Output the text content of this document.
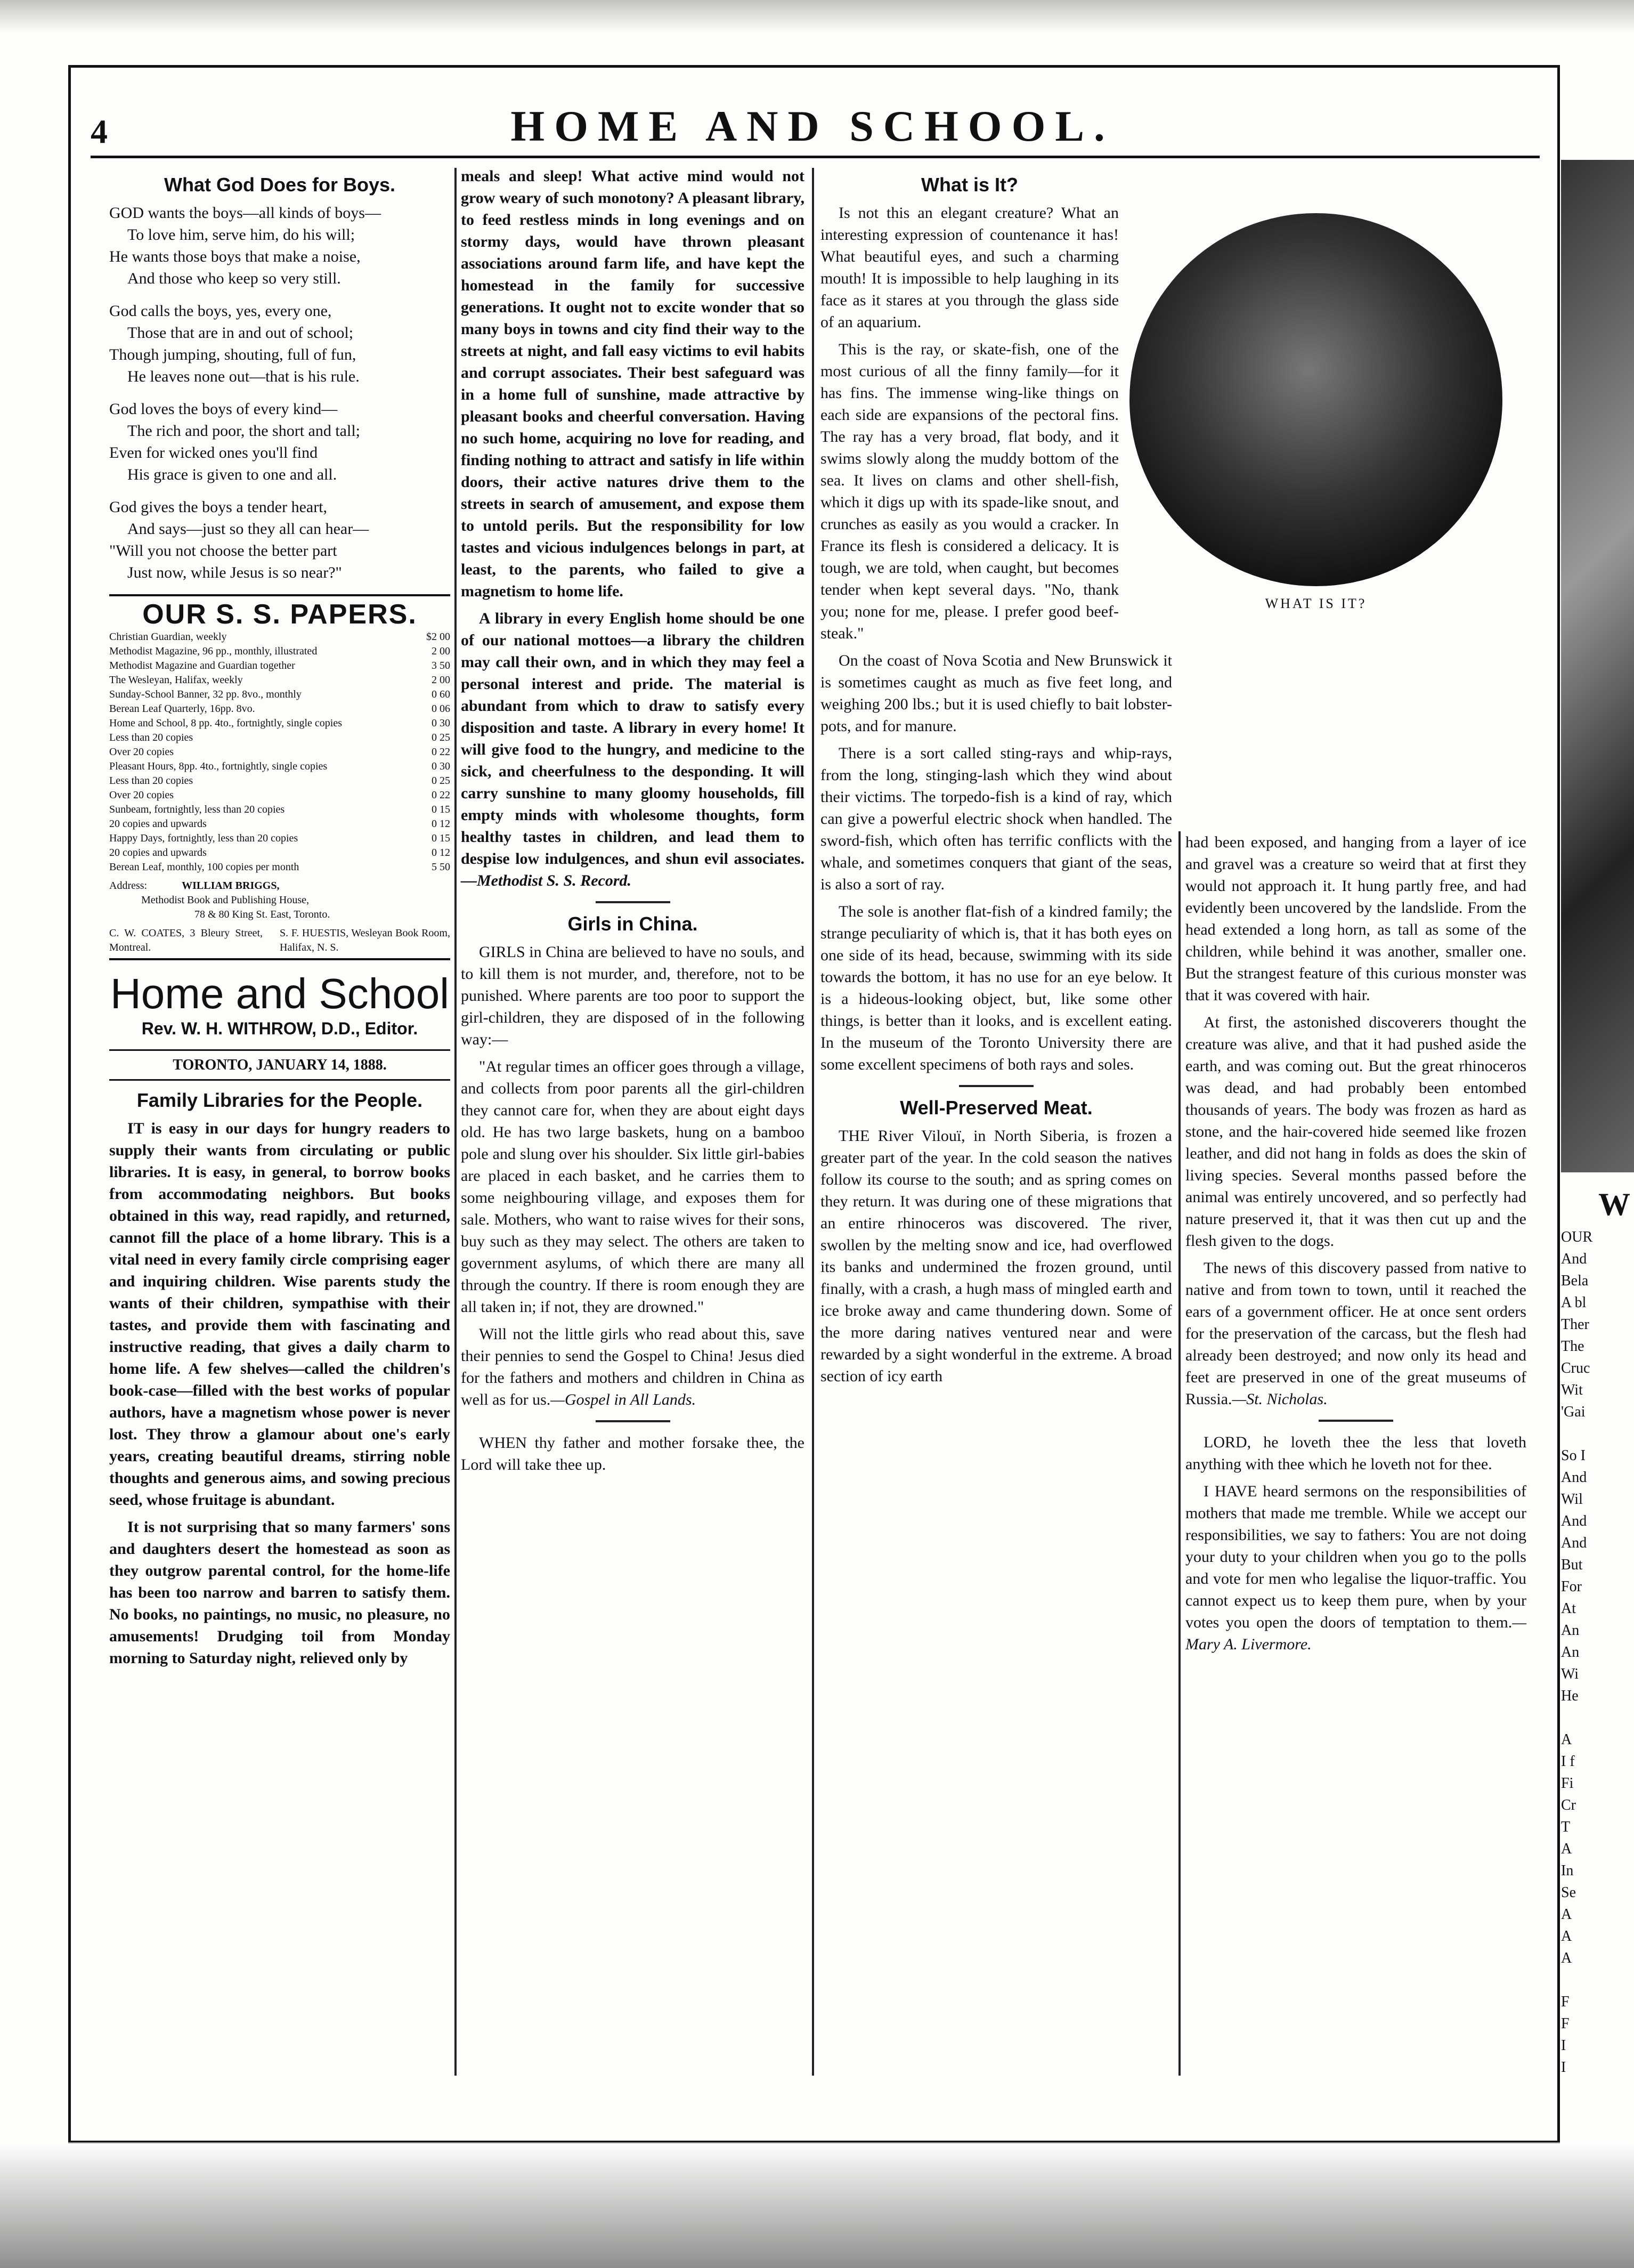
4	HOME AND SCHOOL.
What God Does for Boys.

GOD wants the boys—all kinds of boys—
To love him, serve him, do his will;
He wants those boys that make a noise,
And those who keep so very still.

God calls the boys, yes, every one,
Those that are in and out of school;
Though jumping, shouting, full of fun,
He leaves none out—that is his rule.

God loves the boys of every kind—
The rich and poor, the short and tall;
Even for wicked ones you'll find
His grace is given to one and all.

God gives the boys a tender heart,
And says—just so they all can hear—
"Will you not choose the better part
Just now, while Jesus is so near?"

OUR S. S. PAPERS.
Christian Guardian, weekly	$2 00
Methodist Magazine, 96 pp., monthly, illustrated	2 00
Methodist Magazine and Guardian together	3 50
The Wesleyan, Halifax, weekly	2 00
Sunday-School Banner, 32 pp. 8vo., monthly	0 60
Berean Leaf Quarterly, 16pp. 8vo.	0 06
Home and School, 8 pp. 4to., fortnightly, single copies	0 30
Less than 20 copies	0 25
Over 20 copies	0 22
Pleasant Hours, 8pp. 4to., fortnightly, single copies	0 30
Less than 20 copies	0 25
Over 20 copies	0 22
Sunbeam, fortnightly, less than 20 copies	0 15
20 copies and upwards	0 12
Happy Days, fortnightly, less than 20 copies	0 15
20 copies and upwards	0 12
Berean Leaf, monthly, 100 copies per month	5 50
Address:	WILLIAM BRIGGS,
Methodist Book and Publishing House,
78 & 80 King St. East, Toronto.
C. W. COATES, 3 Bleury Street, Montreal.
S. F. HUESTIS, Wesleyan Book Room, Halifax, N. S.
Home and School
Rev. W. H. WITHROW, D.D., Editor.
TORONTO, JANUARY 14, 1888.
Family Libraries for the People.

IT is easy in our days for hungry readers to supply their wants from circulating or public libraries. It is easy, in general, to borrow books from accommodating neighbors. But books obtained in this way, read rapidly, and returned, cannot fill the place of a home library. This is a vital need in every family circle comprising eager and inquiring children. Wise parents study the wants of their children, sympathise with their tastes, and provide them with fascinating and instructive reading, that gives a daily charm to home life. A few shelves—called the children's book-case—filled with the best works of popular authors, have a magnetism whose power is never lost. They throw a glamour about one's early years, creating beautiful dreams, stirring noble thoughts and generous aims, and sowing precious seed, whose fruitage is abundant.

It is not surprising that so many farmers' sons and daughters desert the homestead as soon as they outgrow parental control, for the home-life has been too narrow and barren to satisfy them. No books, no paintings, no music, no pleasure, no amusements! Drudging toil from Monday morning to Saturday night, relieved only by

meals and sleep! What active mind would not grow weary of such monotony? A pleasant library, to feed restless minds in long evenings and on stormy days, would have thrown pleasant associations around farm life, and have kept the homestead in the family for successive generations. It ought not to excite wonder that so many boys in towns and city find their way to the streets at night, and fall easy victims to evil habits and corrupt associates. Their best safeguard was in a home full of sunshine, made attractive by pleasant books and cheerful conversation. Having no such home, acquiring no love for reading, and finding nothing to attract and satisfy in life within doors, their active natures drive them to the streets in search of amusement, and expose them to untold perils. But the responsibility for low tastes and vicious indulgences belongs in part, at least, to the parents, who failed to give a magnetism to home life.

A library in every English home should be one of our national mottoes—a library the children may call their own, and in which they may feel a personal interest and pride. The material is abundant from which to draw to satisfy every disposition and taste. A library in every home! It will give food to the hungry, and medicine to the sick, and cheerfulness to the desponding. It will carry sunshine to many gloomy households, fill empty minds with wholesome thoughts, form healthy tastes in children, and lead them to despise low indulgences, and shun evil associates.—Methodist S. S. Record.

Girls in China.

GIRLS in China are believed to have no souls, and to kill them is not murder, and, therefore, not to be punished. Where parents are too poor to support the girl-children, they are disposed of in the following way:—

"At regular times an officer goes through a village, and collects from poor parents all the girl-children they cannot care for, when they are about eight days old. He has two large baskets, hung on a bamboo pole and slung over his shoulder. Six little girl-babies are placed in each basket, and he carries them to some neighbouring village, and exposes them for sale. Mothers, who want to raise wives for their sons, buy such as they may select. The others are taken to government asylums, of which there are many all through the country. If there is room enough they are all taken in; if not, they are drowned."

Will not the little girls who read about this, save their pennies to send the Gospel to China! Jesus died for the fathers and mothers and children in China as well as for us.—Gospel in All Lands.

WHEN thy father and mother forsake thee, the Lord will take thee up.

What is It?

Is not this an elegant creature? What an interesting expression of countenance it has! What beautiful eyes, and such a charming mouth! It is impossible to help laughing in its face as it stares at you through the glass side of an aquarium.

This is the ray, or skate-fish, one of the most curious of all the finny family—for it has fins. The immense wing-like things on each side are expansions of the pectoral fins. The ray has a very broad, flat body, and it swims slowly along the muddy bottom of the sea. It lives on clams and other shell-fish, which it digs up with its spade-like snout, and crunches as easily as you would a cracker. In France its flesh is considered a delicacy. It is tough, we are told, when caught, but becomes tender when kept several days. "No, thank you; none for me, please. I prefer good beef-steak."

On the coast of Nova Scotia and New Brunswick it is sometimes caught as much as five feet long, and weighing 200 lbs.; but it is used chiefly to bait lobster-pots, and for manure.

There is a sort called sting-rays and whip-rays, from the long, stinging-lash which they wind about their victims. The torpedo-fish is a kind of ray, which can give a powerful electric shock when handled. The sword-fish, which often has terrific conflicts with the whale, and sometimes conquers that giant of the seas, is also a sort of ray.

The sole is another flat-fish of a kindred family; the strange peculiarity of which is, that it has both eyes on one side of its head, because, swimming with its side towards the bottom, it has no use for an eye below. It is a hideous-looking object, but, like some other things, is better than it looks, and is excellent eating. In the museum of the Toronto University there are some excellent specimens of both rays and soles.

Well-Preserved Meat.

THE River Vilouï, in North Siberia, is frozen a greater part of the year. In the cold season the natives follow its course to the south; and as spring comes on they return. It was during one of these migrations that an entire rhinoceros was discovered. The river, swollen by the melting snow and ice, had overflowed its banks and undermined the frozen ground, until finally, with a crash, a hugh mass of mingled earth and ice broke away and came thundering down. Some of the more daring natives ventured near and were rewarded by a sight wonderful in the extreme. A broad section of icy earth

WHAT IS IT?

had been exposed, and hanging from a layer of ice and gravel was a creature so weird that at first they would not approach it. It hung partly free, and had evidently been uncovered by the landslide. From the head extended a long horn, as tall as some of the children, while behind it was another, smaller one. But the strangest feature of this curious monster was that it was covered with hair.

At first, the astonished discoverers thought the creature was alive, and that it had pushed aside the earth, and was coming out. But the great rhinoceros was dead, and had probably been entombed thousands of years. The body was frozen as hard as stone, and the hair-covered hide seemed like frozen leather, and did not hang in folds as does the skin of living species. Several months passed before the animal was entirely uncovered, and so perfectly had nature preserved it, that it was then cut up and the flesh given to the dogs.

The news of this discovery passed from native to native and from town to town, until it reached the ears of a government officer. He at once sent orders for the preservation of the carcass, but the flesh had already been destroyed; and now only its head and feet are preserved in one of the great museums of Russia.—St. Nicholas.

LORD, he loveth thee the less that loveth anything with thee which he loveth not for thee.

I HAVE heard sermons on the responsibilities of mothers that made me tremble. While we accept our responsibilities, we say to fathers: You are not doing your duty to your children when you go to the polls and vote for men who legalise the liquor-traffic. You cannot expect us to keep them pure, when by your votes you open the doors of temptation to them.—Mary A. Livermore.

W
OUR
And
Bela
A bl
Ther
The
Cruc
Wit
'Gai

So I
And
Wil
And
And
But
For
At
An
An
Wi
He

A
I f
Fi
Cr
T
A
In
Se
A
A
A

F
F
I
I
